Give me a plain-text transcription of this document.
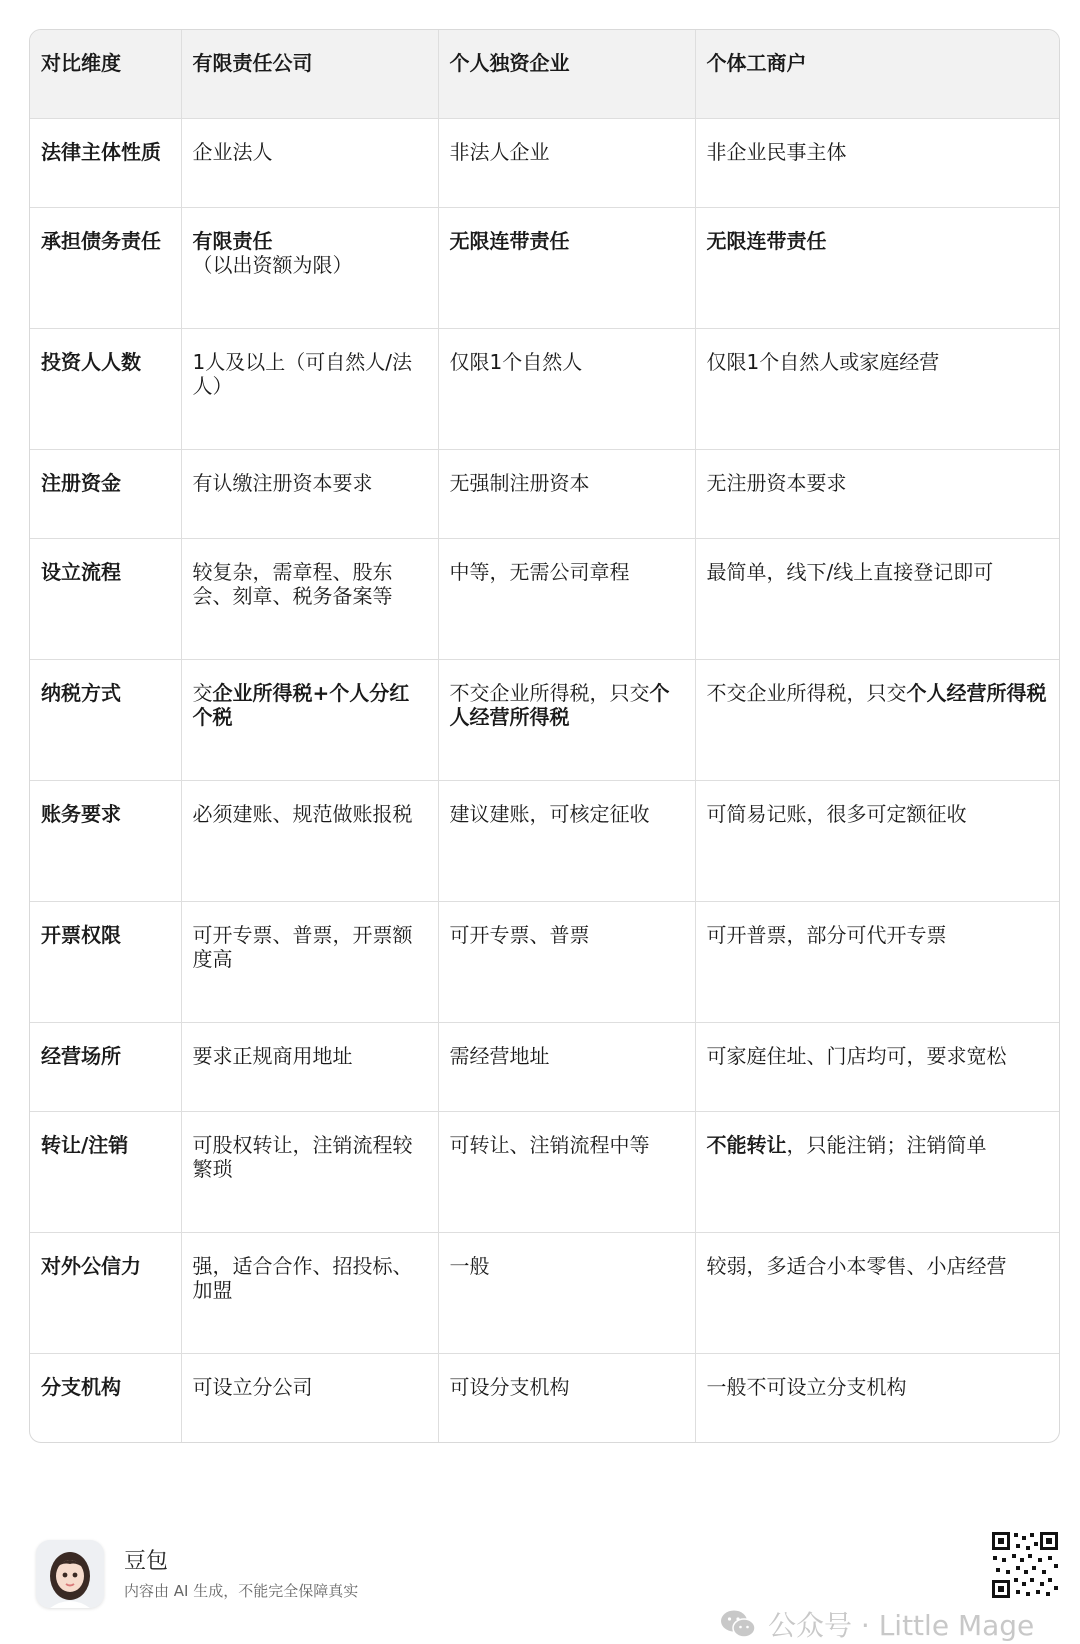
对比维度	有限责任公司	个人独资企业	个体工商户
法律主体性质	企业法人	非法人企业	非企业民事主体
承担债务责任	有限责任（以出资额为限）	无限连带责任	无限连带责任
投资人人数	1人及以上（可自然人/法人）	仅限1个自然人	仅限1个自然人或家庭经营
注册资金	有认缴注册资本要求	无强制注册资本	无注册资本要求
设立流程	较复杂，需章程、股东会、刻章、税务备案等	中等，无需公司章程	最简单，线下/线上直接登记即可
纳税方式	交企业所得税+个人分红个税	不交企业所得税，只交个人经营所得税	不交企业所得税，只交个人经营所得税
账务要求	必须建账、规范做账报税	建议建账，可核定征收	可简易记账，很多可定额征收
开票权限	可开专票、普票，开票额度高	可开专票、普票	可开普票，部分可代开专票
经营场所	要求正规商用地址	需经营地址	可家庭住址、门店均可，要求宽松
转让/注销	可股权转让，注销流程较繁琐	可转让、注销流程中等	不能转让，只能注销；注销简单
对外公信力	强，适合合作、招投标、加盟	一般	较弱，多适合小本零售、小店经营
分支机构	可设立分公司	可设分支机构	一般不可设立分支机构
豆包
内容由 AI 生成，不能完全保障真实
公众号 · Little Mage
